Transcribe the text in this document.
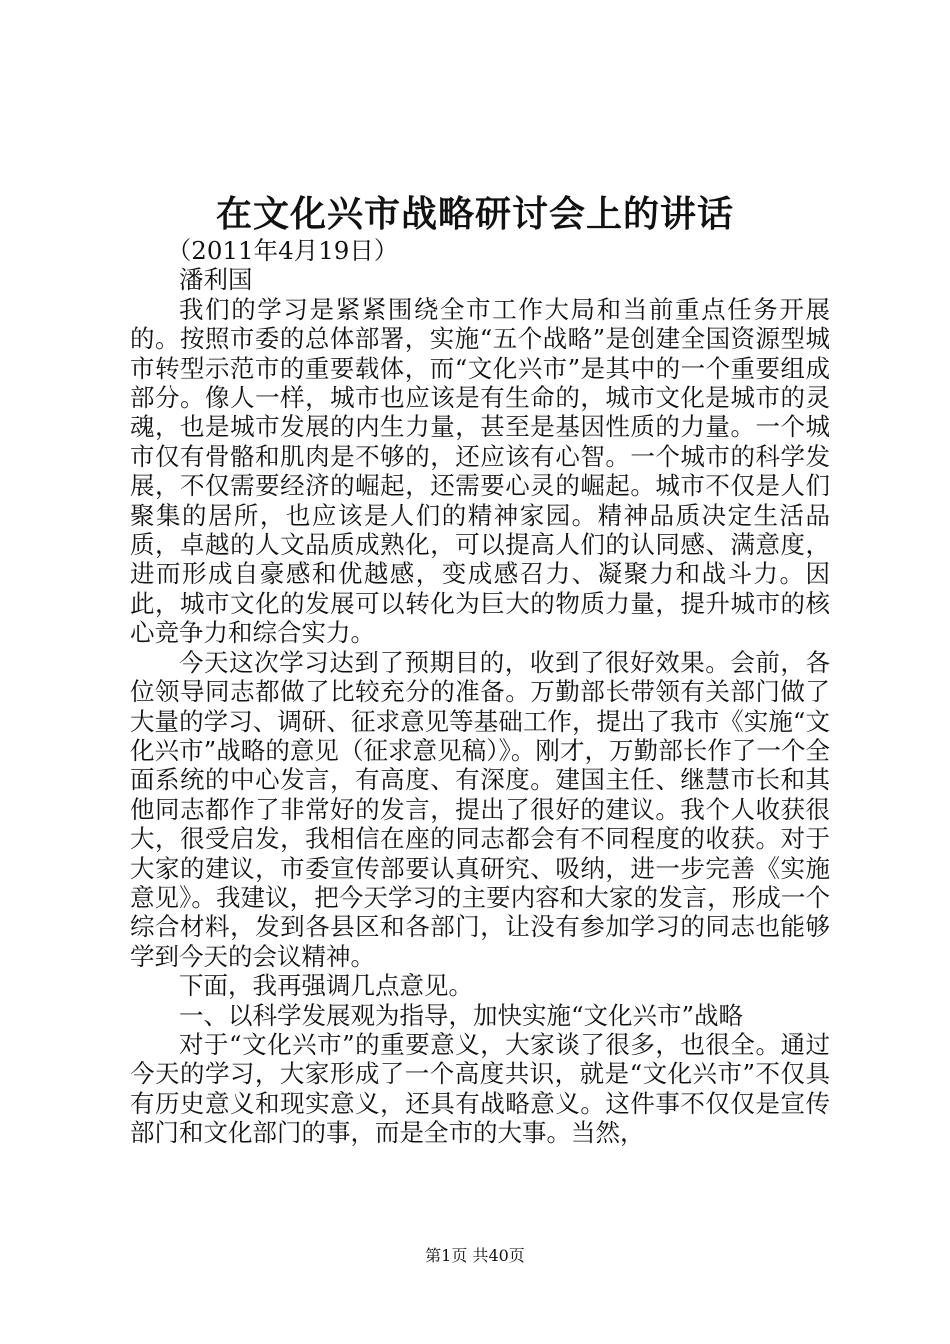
在文化兴市战略研讨会上的讲话

（2011年4月19日）

潘利国

我们的学习是紧紧围绕全市工作大局和当前重点任务开展的。按照市委的总体部署，实施“五个战略”是创建全国资源型城市转型示范市的重要载体，而“文化兴市”是其中的一个重要组成部分。像人一样，城市也应该是有生命的，城市文化是城市的灵魂，也是城市发展的内生力量，甚至是基因性质的力量。一个城市仅有骨骼和肌肉是不够的，还应该有心智。一个城市的科学发展，不仅需要经济的崛起，还需要心灵的崛起。城市不仅是人们聚集的居所，也应该是人们的精神家园。精神品质决定生活品质，卓越的人文品质成熟化，可以提高人们的认同感、满意度，进而形成自豪感和优越感，变成感召力、凝聚力和战斗力。因此，城市文化的发展可以转化为巨大的物质力量，提升城市的核心竞争力和综合实力。

今天这次学习达到了预期目的，收到了很好效果。会前，各位领导同志都做了比较充分的准备。万勤部长带领有关部门做了大量的学习、调研、征求意见等基础工作，提出了我市《实施“文化兴市”战略的意见（征求意见稿）》。刚才，万勤部长作了一个全面系统的中心发言，有高度、有深度。建国主任、继慧市长和其他同志都作了非常好的发言，提出了很好的建议。我个人收获很大，很受启发，我相信在座的同志都会有不同程度的收获。对于大家的建议，市委宣传部要认真研究、吸纳，进一步完善《实施意见》。我建议，把今天学习的主要内容和大家的发言，形成一个综合材料，发到各县区和各部门，让没有参加学习的同志也能够学到今天的会议精神。

下面，我再强调几点意见。

一、以科学发展观为指导，加快实施“文化兴市”战略

对于“文化兴市”的重要意义，大家谈了很多，也很全。通过今天的学习，大家形成了一个高度共识，就是“文化兴市”不仅具有历史意义和现实意义，还具有战略意义。这件事不仅仅是宣传部门和文化部门的事，而是全市的大事。当然，

第1页 共40页
